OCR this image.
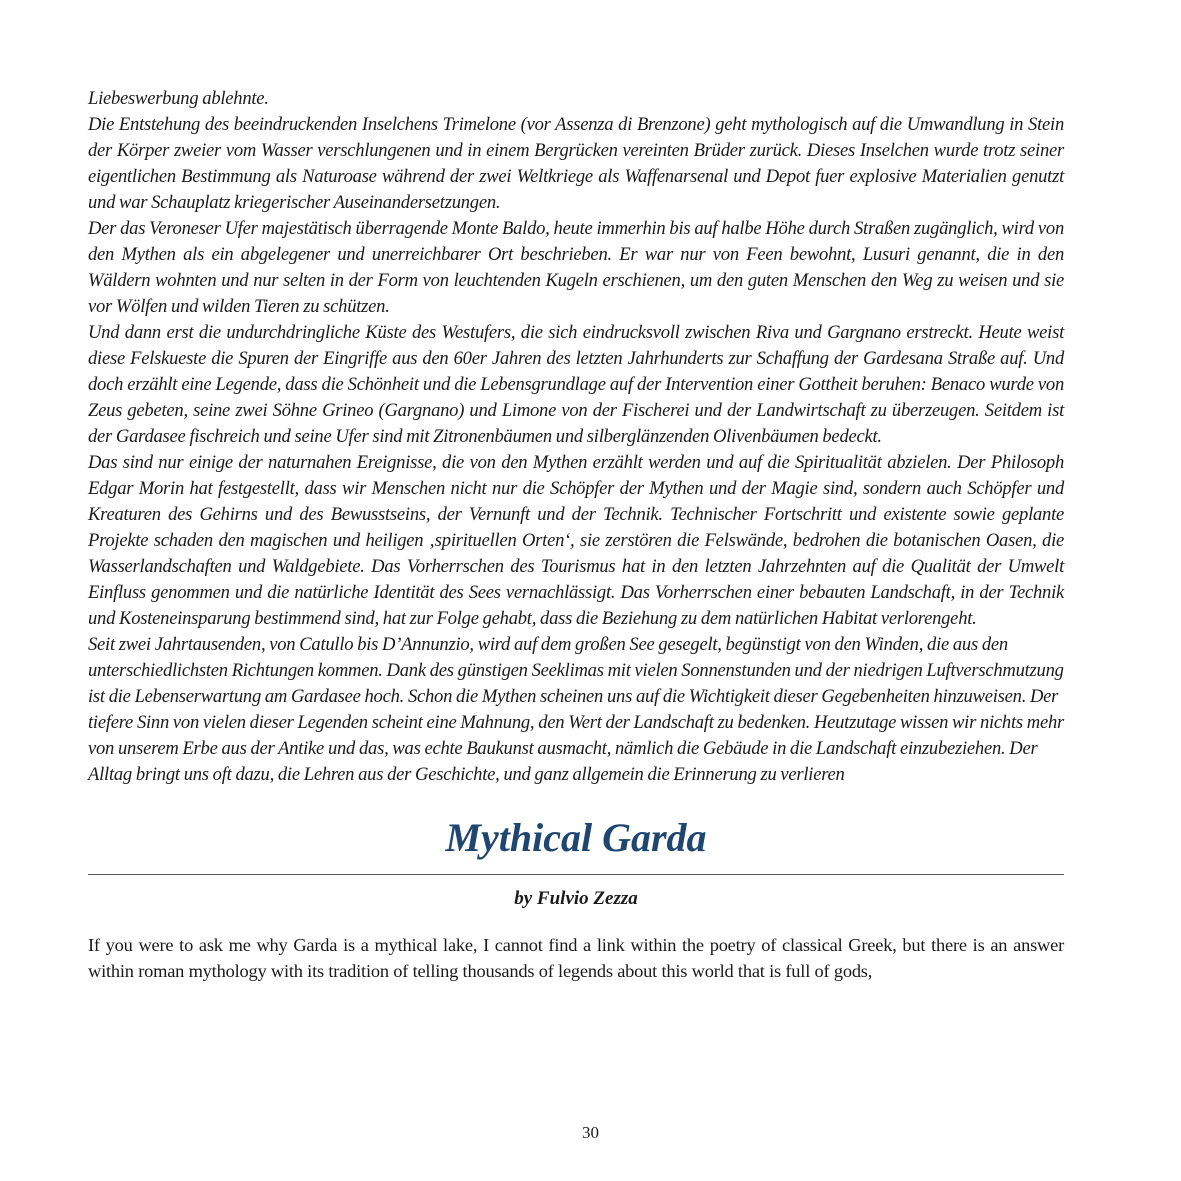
Liebeswerbung ablehnte.

Die Entstehung des beeindruckenden Inselchens Trimelone (vor Assenza di Brenzone) geht mythologisch auf die Umwandlung in Stein der Körper zweier vom Wasser verschlungenen und in einem Bergrücken vereinten Brüder zurück. Dieses Inselchen wurde trotz seiner eigentlichen Bestimmung als Naturoase während der zwei Weltkriege als Waffenarsenal und Depot fuer explosive Materialien genutzt und war Schauplatz kriegerischer Auseinandersetzungen.

Der das Veroneser Ufer majestätisch überragende Monte Baldo, heute immerhin bis auf halbe Höhe durch Straßen zugänglich, wird von den Mythen als ein abgelegener und unerreichbarer Ort beschrieben. Er war nur von Feen bewohnt, Lusuri genannt, die in den Wäldern wohnten und nur selten in der Form von leuchtenden Kugeln erschienen, um den guten Menschen den Weg zu weisen und sie vor Wölfen und wilden Tieren zu schützen.

Und dann erst die undurchdringliche Küste des Westufers, die sich eindrucksvoll zwischen Riva und Gargnano erstreckt. Heute weist diese Felskueste die Spuren der Eingriffe aus den 60er Jahren des letzten Jahrhunderts zur Schaffung der Gardesana Straße auf. Und doch erzählt eine Legende, dass die Schönheit und die Lebensgrundlage auf der Intervention einer Gottheit beruhen: Benaco wurde von Zeus gebeten, seine zwei Söhne Grineo (Gargnano) und Limone von der Fischerei und der Landwirtschaft zu überzeugen. Seitdem ist der Gardasee fischreich und seine Ufer sind mit Zitronenbäumen und silberglänzenden Olivenbäumen bedeckt.

Das sind nur einige der naturnahen Ereignisse, die von den Mythen erzählt werden und auf die Spiritualität abzielen. Der Philosoph Edgar Morin hat festgestellt, dass wir Menschen nicht nur die Schöpfer der Mythen und der Magie sind, sondern auch Schöpfer und Kreaturen des Gehirns und des Bewusstseins, der Vernunft und der Technik. Technischer Fortschritt und existente sowie geplante Projekte schaden den magischen und heiligen ‚spirituellen Orten‘, sie zerstören die Felswände, bedrohen die botanischen Oasen, die Wasserlandschaften und Waldgebiete. Das Vorherrschen des Tourismus hat in den letzten Jahrzehnten auf die Qualität der Umwelt Einfluss genommen und die natürliche Identität des Sees vernachlässigt. Das Vorherrschen einer bebauten Landschaft, in der Technik und Kosteneinsparung bestimmend sind, hat zur Folge gehabt, dass die Beziehung zu dem natürlichen Habitat verlorengeht.

Seit zwei Jahrtausenden, von Catullo bis D’Annunzio, wird auf dem großen See gesegelt, begünstigt von den Winden, die aus den unterschiedlichsten Richtungen kommen. Dank des günstigen Seeklimas mit vielen Sonnenstunden und der niedrigen Luftverschmutzung ist die Lebenserwartung am Gardasee hoch. Schon die Mythen scheinen uns auf die Wichtigkeit dieser Gegebenheiten hinzuweisen. Der tiefere Sinn von vielen dieser Legenden scheint eine Mahnung, den Wert der Landschaft zu bedenken. Heutzutage wissen wir nichts mehr von unserem Erbe aus der Antike und das, was echte Baukunst ausmacht, nämlich die Gebäude in die Landschaft einzubeziehen. Der Alltag bringt uns oft dazu, die Lehren aus der Geschichte, und ganz allgemein die Erinnerung zu verlieren

Mythical Garda
by Fulvio Zezza

If you were to ask me why Garda is a mythical lake, I cannot find a link within the poetry of classical Greek, but there is an answer within roman mythology with its tradition of telling thousands of legends about this world that is full of gods,

30
